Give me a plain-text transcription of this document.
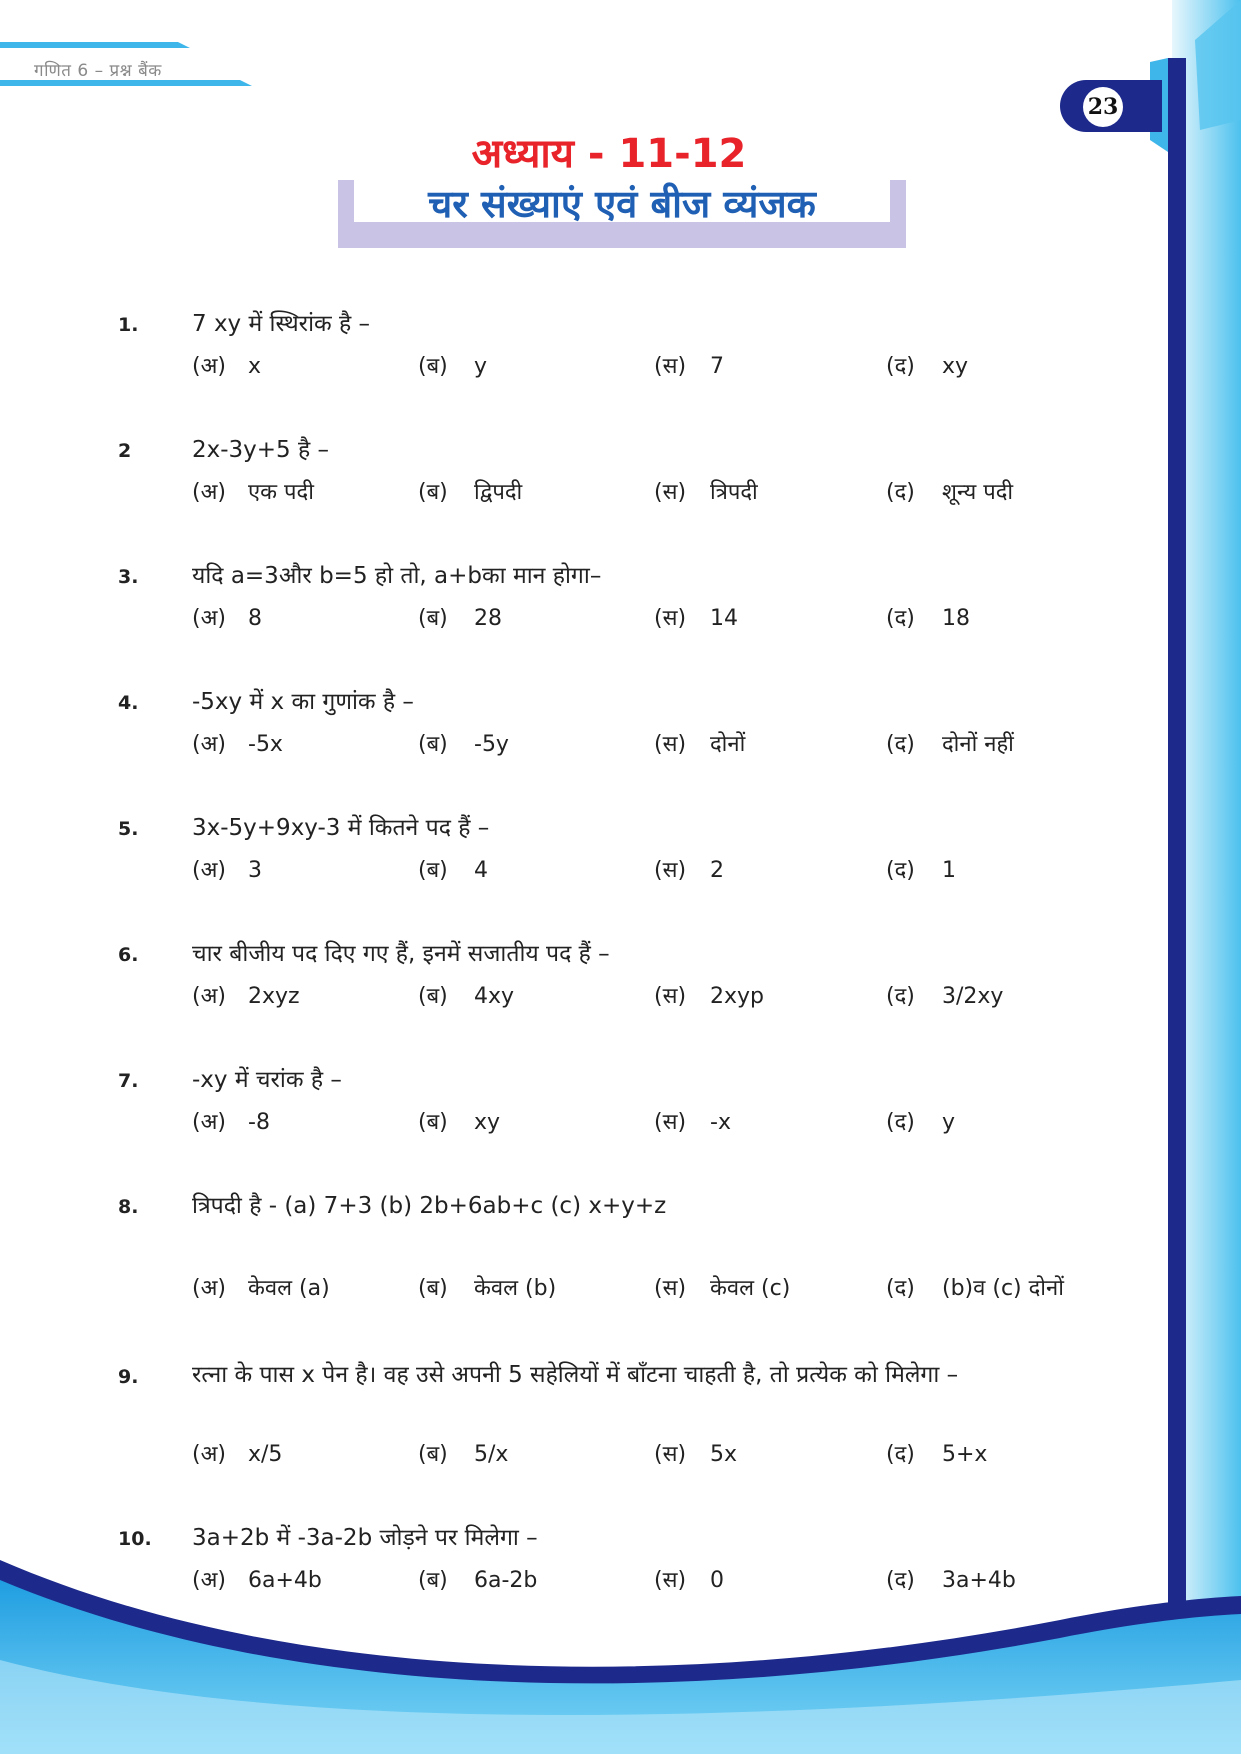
गणित 6 – प्रश्न बैंक
23
अध्याय - 11-12
चर संख्याएं एवं बीज व्यंजक
1. 7 xy में स्थिरांक है –
(अ) x	(ब) y	(स) 7	(द) xy
2	2x-3y+5 है –
(अ) एक पदी	(ब) द्विपदी	(स) त्रिपदी	(द) शून्य पदी
3. यदि a=3और b=5 हो तो, a+bका मान होगा–
(अ) 8	(ब) 28	(स) 14	(द) 18
4. -5xy में x का गुणांक है –
(अ) -5x	(ब) -5y	(स) दोनों	(द) दोनों नहीं
5. 3x-5y+9xy-3 में कितने पद हैं –
(अ) 3	(ब) 4	(स) 2	(द) 1
6. चार बीजीय पद दिए गए हैं, इनमें सजातीय पद हैं –
(अ) 2xyz	(ब) 4xy	(स) 2xyp	(द) 3/2xy
7. -xy में चरांक है –
(अ) -8	(ब) xy	(स) -x	(द) y
8. त्रिपदी है - (a) 7+3 (b) 2b+6ab+c (c) x+y+z
(अ) केवल (a)	(ब) केवल (b)	(स) केवल (c)	(द) (b)व (c) दोनों
9. रत्ना के पास x पेन है। वह उसे अपनी 5 सहेलियों में बाँटना चाहती है, तो प्रत्येक को मिलेगा –
(अ) x/5	(ब) 5/x	(स) 5x	(द) 5+x
10. 3a+2b में -3a-2b जोड़ने पर मिलेगा –
(अ) 6a+4b	(ब) 6a-2b	(स) 0	(द) 3a+4b
